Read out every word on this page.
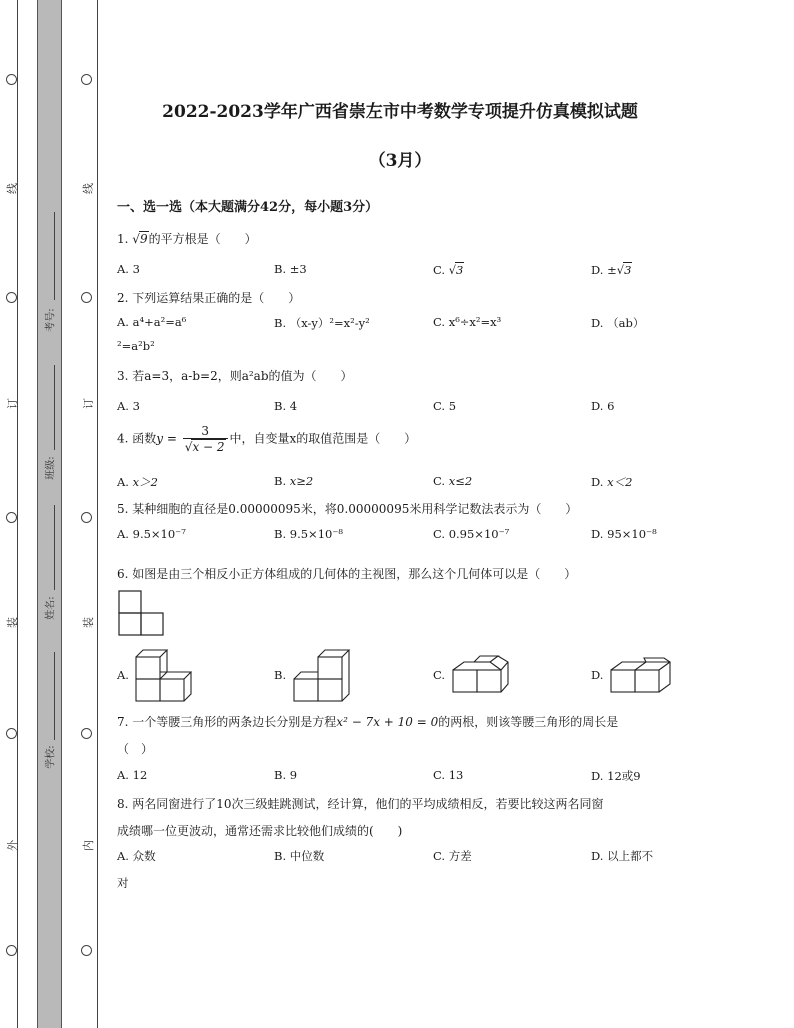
线
订
装
外
线
订
装
内
考号:
班级:
姓名:
学校:
2022-2023学年广西省崇左市中考数学专项提升仿真模拟试题
（3月）
一、选一选（本大题满分42分，每小题3分）
1. √9的平方根是（　　）
A. 3	B. ±3	C. √3	D. ±√3
2. 下列运算结果正确的是（　　）
A. a⁴+a²=a⁶	B. （x-y）²=x²-y²	C. x⁶÷x²=x³	D. （ab）
²=a²b²
3. 若a=3，a-b=2，则a²ab的值为（　　）
A. 3	B. 4	C. 5	D. 6
4. 函数$y = \frac{3}{√x - 2}$ 中，自变量x的取值范围是（　　）
A. x＞2	B. x≥2	C. x≤2	D. x＜2
5. 某种细胞的直径是0.00000095米，将0.00000095米用科学记数法表示为（　　）
A. 9.5×10⁻⁷	B. 9.5×10⁻⁸	C. 0.95×10⁻⁷	D. 95×10⁻⁸
6. 如图是由三个相反小正方体组成的几何体的主视图，那么这个几何体可以是（　　）
A.	B.	C.	D.
7. 一个等腰三角形的两条边长分别是方程x² − 7x + 10 = 0的两根，则该等腰三角形的周长是
（　）
A. 12	B. 9	C. 13	D. 12或9
8. 两名同窗进行了10次三级蛙跳测试，经计算，他们的平均成绩相反，若要比较这两名同窗
成绩哪一位更波动，通常还需求比较他们成绩的(　　)
A. 众数	B. 中位数	C. 方差	D. 以上都不
对
